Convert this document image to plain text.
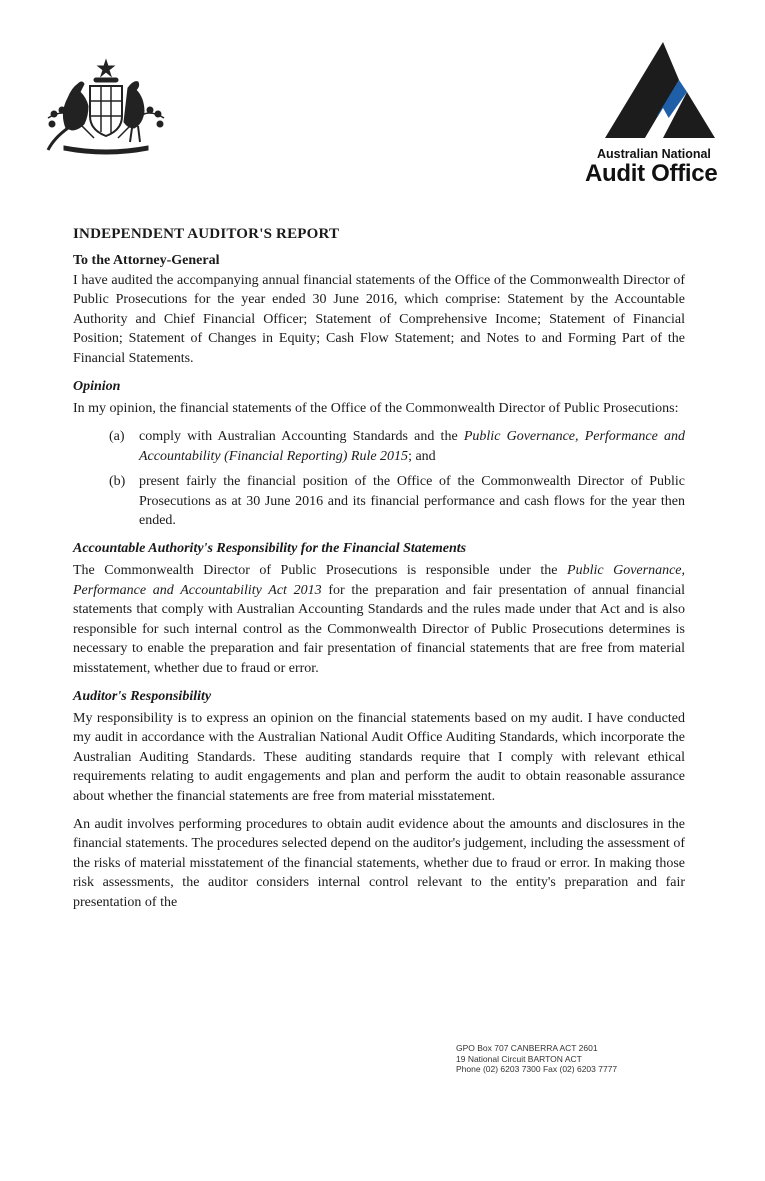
Australian National
Audit Office
INDEPENDENT AUDITOR'S REPORT
To the Attorney-General

I have audited the accompanying annual financial statements of the Office of the Commonwealth Director of Public Prosecutions for the year ended 30 June 2016, which comprise: Statement by the Accountable Authority and Chief Financial Officer; Statement of Comprehensive Income; Statement of Financial Position; Statement of Changes in Equity; Cash Flow Statement; and Notes to and Forming Part of the Financial Statements.

Opinion

In my opinion, the financial statements of the Office of the Commonwealth Director of Public Prosecutions:

(a)	comply with Australian Accounting Standards and the Public Governance, Performance and Accountability (Financial Reporting) Rule 2015; and
(b) present fairly the financial position of the Office of the Commonwealth Director of Public Prosecutions as at 30 June 2016 and its financial performance and cash flows for the year then ended.
Accountable Authority's Responsibility for the Financial Statements

The Commonwealth Director of Public Prosecutions is responsible under the Public Governance, Performance and Accountability Act 2013 for the preparation and fair presentation of annual financial statements that comply with Australian Accounting Standards and the rules made under that Act and is also responsible for such internal control as the Commonwealth Director of Public Prosecutions determines is necessary to enable the preparation and fair presentation of financial statements that are free from material misstatement, whether due to fraud or error.

Auditor's Responsibility

My responsibility is to express an opinion on the financial statements based on my audit. I have conducted my audit in accordance with the Australian National Audit Office Auditing Standards, which incorporate the Australian Auditing Standards. These auditing standards require that I comply with relevant ethical requirements relating to audit engagements and plan and perform the audit to obtain reasonable assurance about whether the financial statements are free from material misstatement.

An audit involves performing procedures to obtain audit evidence about the amounts and disclosures in the financial statements. The procedures selected depend on the auditor's judgement, including the assessment of the risks of material misstatement of the financial statements, whether due to fraud or error. In making those risk assessments, the auditor considers internal control relevant to the entity's preparation and fair presentation of the

GPO Box 707 CANBERRA ACT 2601
19 National Circuit BARTON ACT
Phone (02) 6203 7300 Fax (02) 6203 7777
